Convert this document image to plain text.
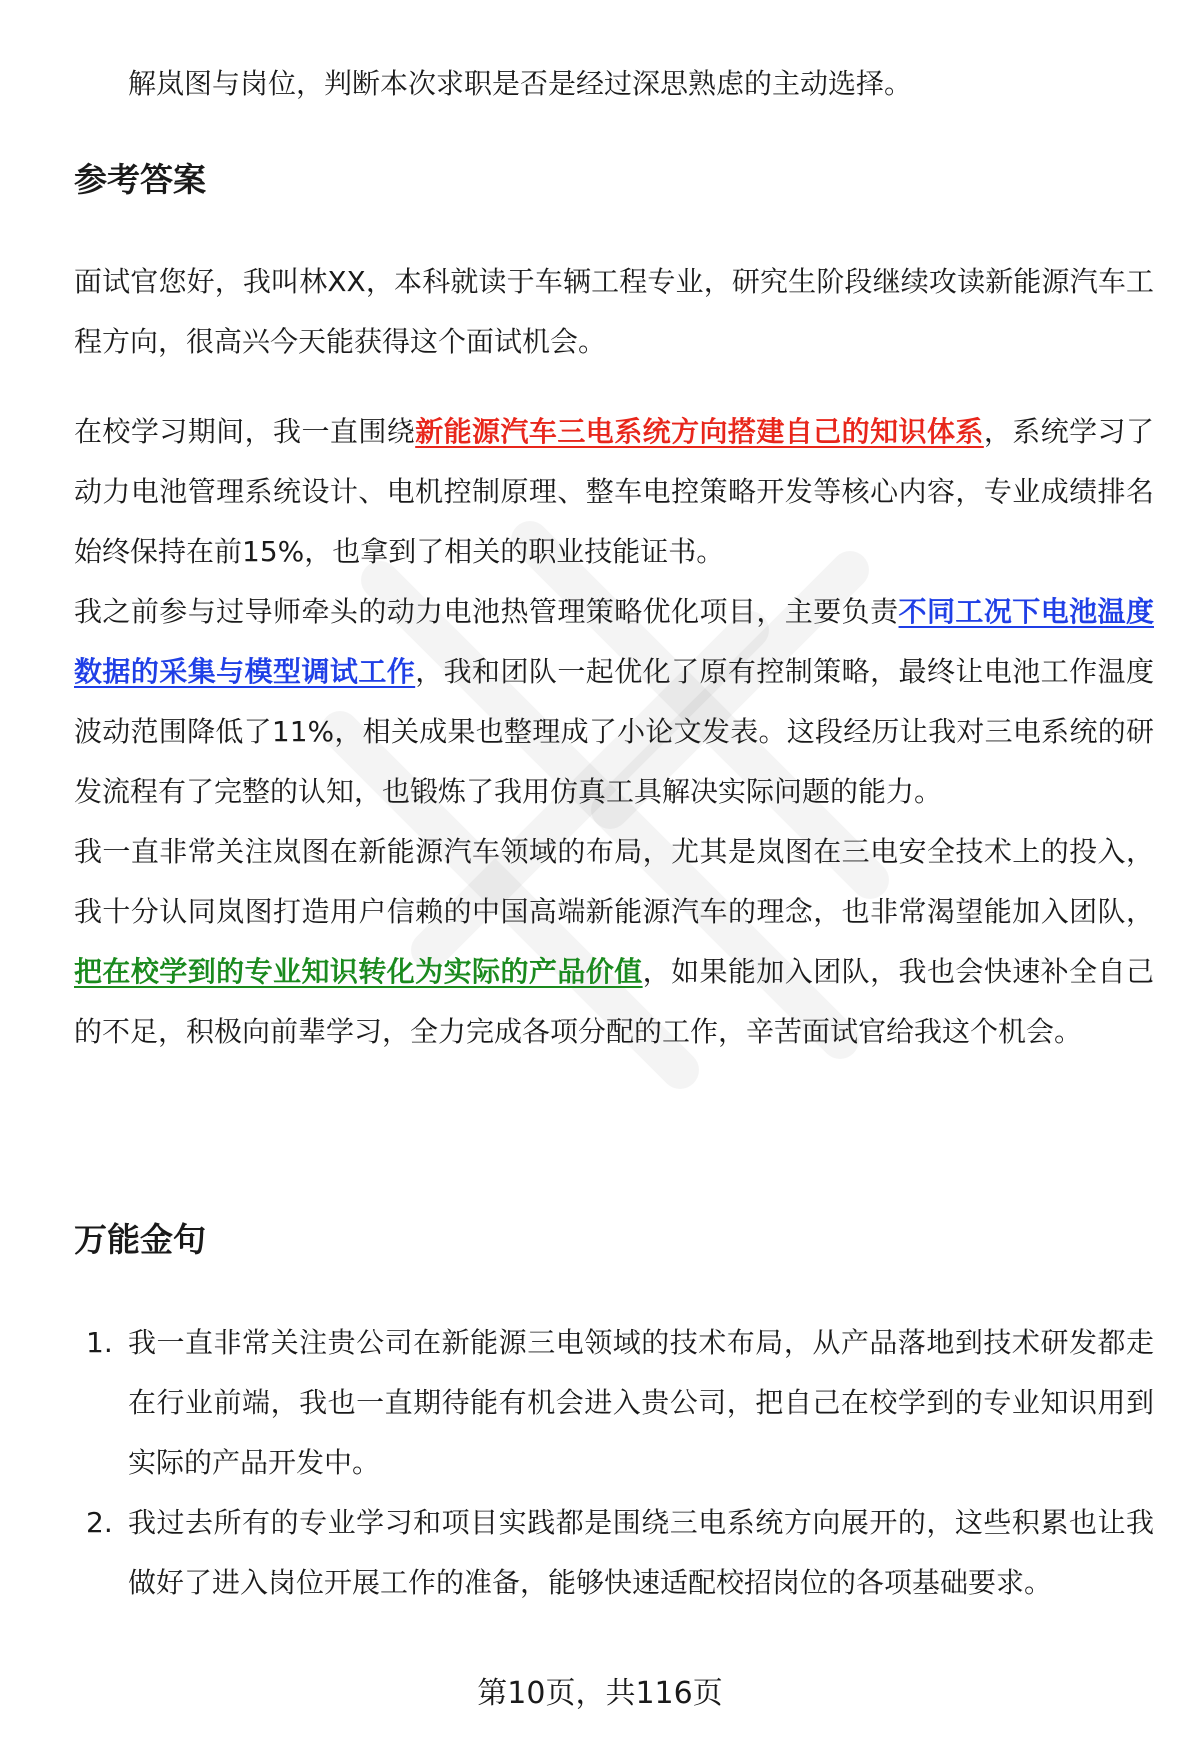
解岚图与岗位，判断本次求职是否是经过深思熟虑的主动选择。

参考答案

面试官您好，我叫林XX，本科就读于车辆工程专业，研究生阶段继续攻读新能源汽车工程方向，很高兴今天能获得这个面试机会。

在校学习期间，我一直围绕新能源汽车三电系统方向搭建自己的知识体系，系统学习了动力电池管理系统设计、电机控制原理、整车电控策略开发等核心内容，专业成绩排名始终保持在前15%，也拿到了相关的职业技能证书。

我之前参与过导师牵头的动力电池热管理策略优化项目，主要负责不同工况下电池温度数据的采集与模型调试工作，我和团队一起优化了原有控制策略，最终让电池工作温度波动范围降低了11%，相关成果也整理成了小论文发表。这段经历让我对三电系统的研发流程有了完整的认知，也锻炼了我用仿真工具解决实际问题的能力。

我一直非常关注岚图在新能源汽车领域的布局，尤其是岚图在三电安全技术上的投入，我十分认同岚图打造用户信赖的中国高端新能源汽车的理念，也非常渴望能加入团队，把在校学到的专业知识转化为实际的产品价值，如果能加入团队，我也会快速补全自己的不足，积极向前辈学习，全力完成各项分配的工作，辛苦面试官给我这个机会。

万能金句
1. 我一直非常关注贵公司在新能源三电领域的技术布局，从产品落地到技术研发都走在行业前端，我也一直期待能有机会进入贵公司，把自己在校学到的专业知识用到实际的产品开发中。
2. 我过去所有的专业学习和项目实践都是围绕三电系统方向展开的，这些积累也让我做好了进入岗位开展工作的准备，能够快速适配校招岗位的各项基础要求。
第10页，共116页
